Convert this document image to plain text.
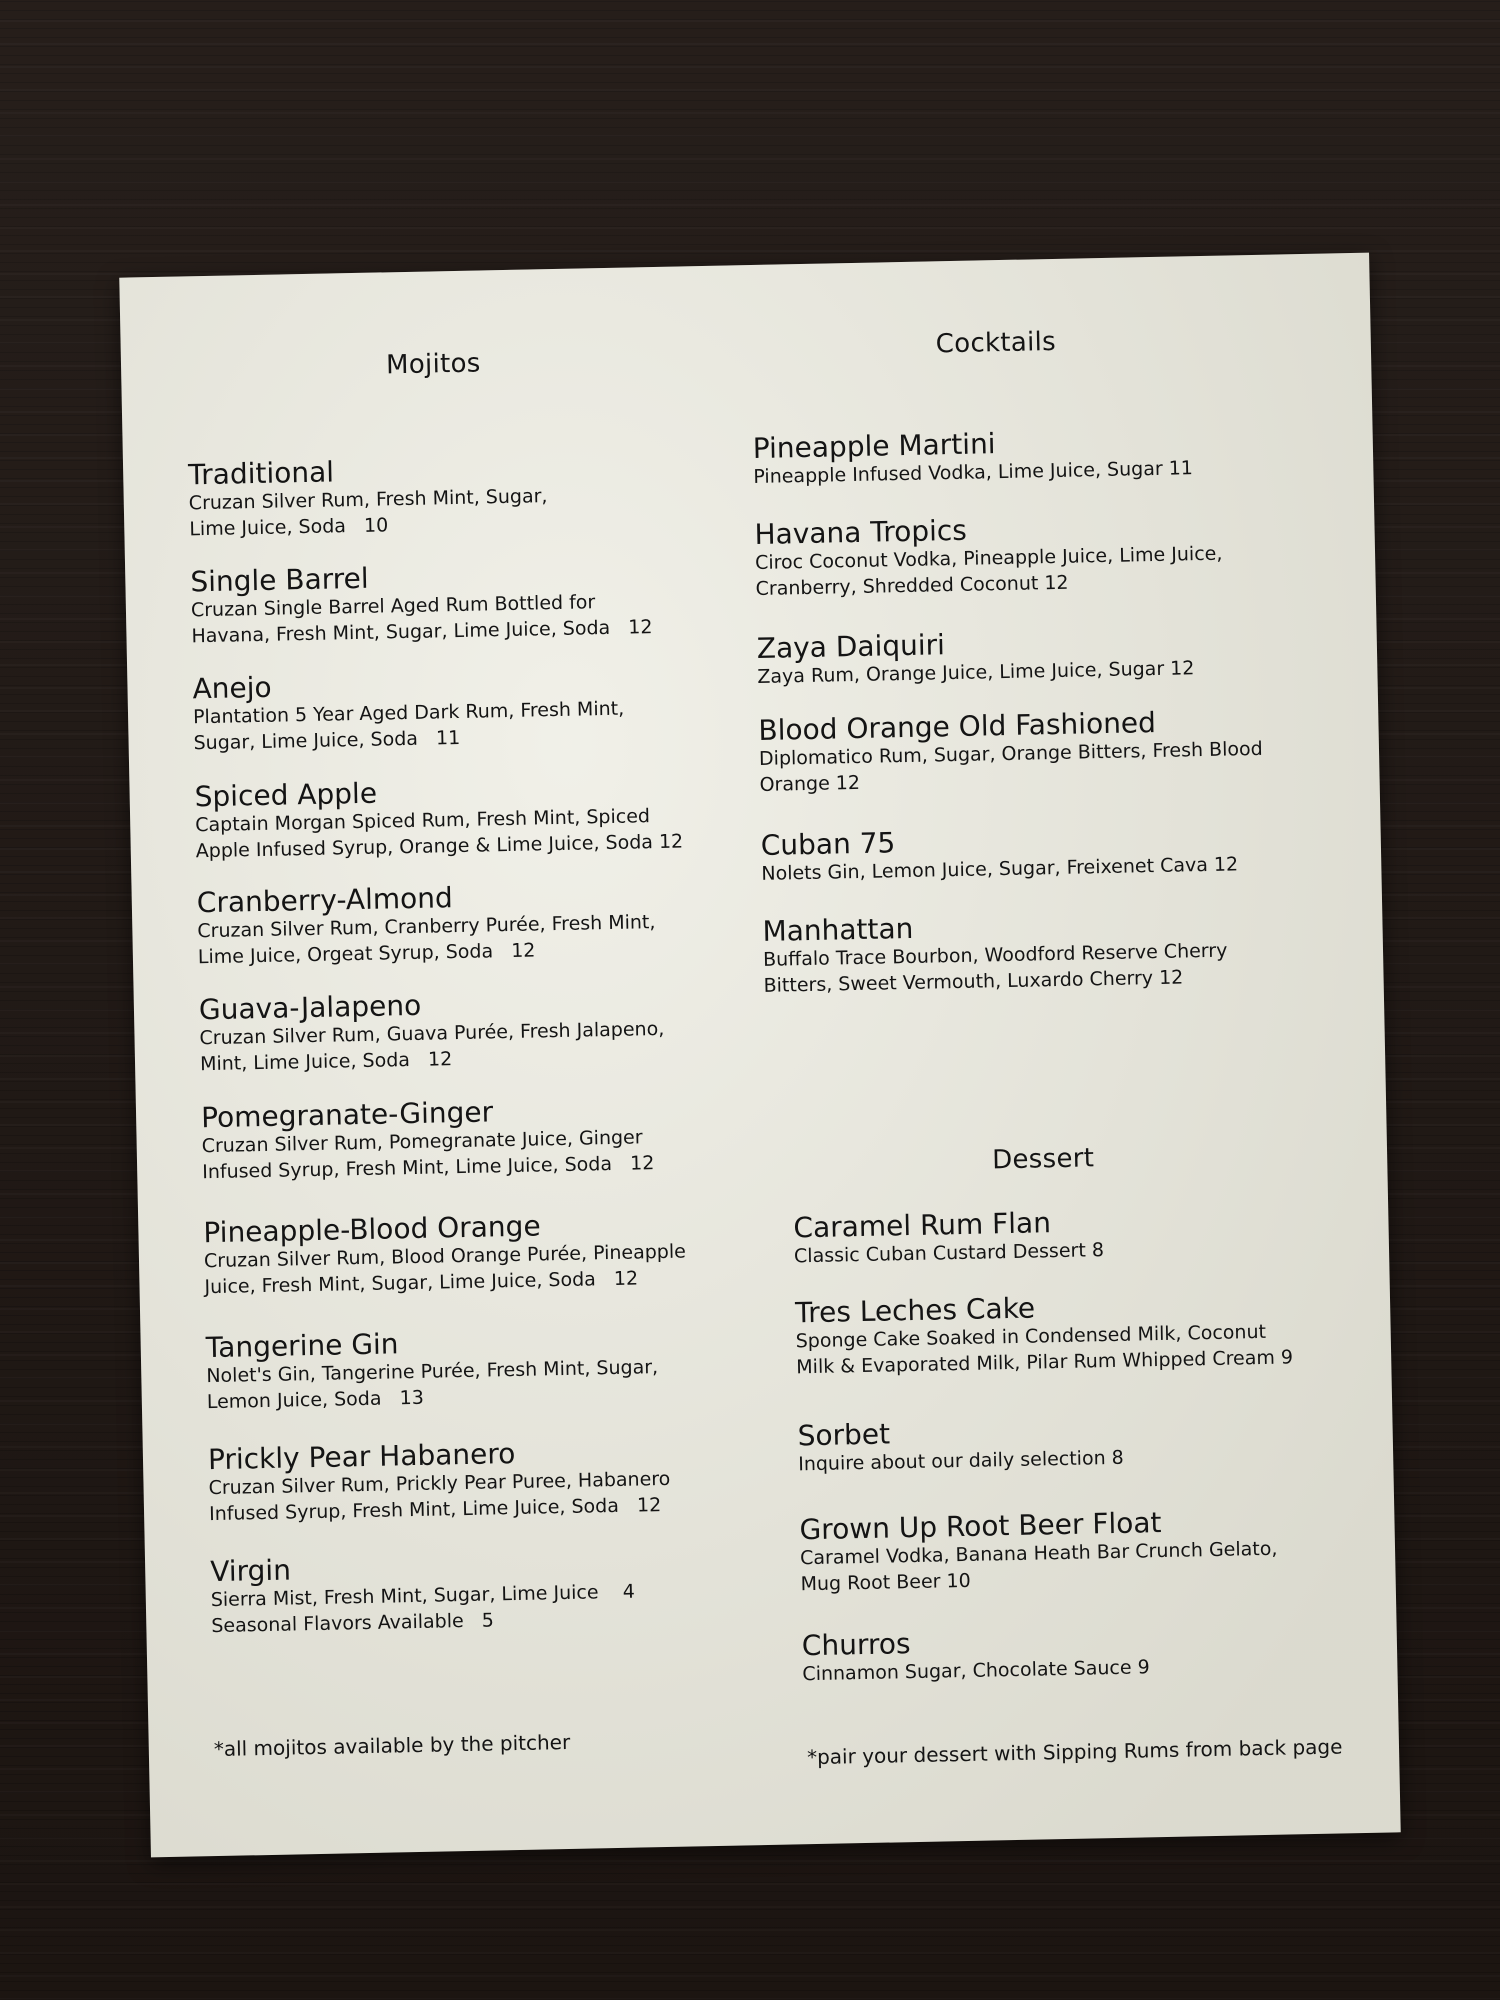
Mojitos
Traditional
Cruzan Silver Rum, Fresh Mint, Sugar,
Lime Juice, Soda   10
Single Barrel
Cruzan Single Barrel Aged Rum Bottled for
Havana, Fresh Mint, Sugar, Lime Juice, Soda   12
Anejo
Plantation 5 Year Aged Dark Rum, Fresh Mint,
Sugar, Lime Juice, Soda   11
Spiced Apple
Captain Morgan Spiced Rum, Fresh Mint, Spiced
Apple Infused Syrup, Orange & Lime Juice, Soda 12
Cranberry-Almond
Cruzan Silver Rum, Cranberry Purée, Fresh Mint,
Lime Juice, Orgeat Syrup, Soda   12
Guava-Jalapeno
Cruzan Silver Rum, Guava Purée, Fresh Jalapeno,
Mint, Lime Juice, Soda   12
Pomegranate-Ginger
Cruzan Silver Rum, Pomegranate Juice, Ginger
Infused Syrup, Fresh Mint, Lime Juice, Soda   12
Pineapple-Blood Orange
Cruzan Silver Rum, Blood Orange Purée, Pineapple
Juice, Fresh Mint, Sugar, Lime Juice, Soda   12
Tangerine Gin
Nolet's Gin, Tangerine Purée, Fresh Mint, Sugar,
Lemon Juice, Soda   13
Prickly Pear Habanero
Cruzan Silver Rum, Prickly Pear Puree, Habanero
Infused Syrup, Fresh Mint, Lime Juice, Soda   12
Virgin
Sierra Mist, Fresh Mint, Sugar, Lime Juice    4
Seasonal Flavors Available   5
*all mojitos available by the pitcher
Cocktails
Pineapple Martini
Pineapple Infused Vodka, Lime Juice, Sugar 11
Havana Tropics
Ciroc Coconut Vodka, Pineapple Juice, Lime Juice,
Cranberry, Shredded Coconut 12
Zaya Daiquiri
Zaya Rum, Orange Juice, Lime Juice, Sugar 12
Blood Orange Old Fashioned
Diplomatico Rum, Sugar, Orange Bitters, Fresh Blood
Orange 12
Cuban 75
Nolets Gin, Lemon Juice, Sugar, Freixenet Cava 12
Manhattan
Buffalo Trace Bourbon, Woodford Reserve Cherry
Bitters, Sweet Vermouth, Luxardo Cherry 12
Dessert
Caramel Rum Flan
Classic Cuban Custard Dessert 8
Tres Leches Cake
Sponge Cake Soaked in Condensed Milk, Coconut
Milk & Evaporated Milk, Pilar Rum Whipped Cream 9
Sorbet
Inquire about our daily selection 8
Grown Up Root Beer Float
Caramel Vodka, Banana Heath Bar Crunch Gelato,
Mug Root Beer 10
Churros
Cinnamon Sugar, Chocolate Sauce 9
*pair your dessert with Sipping Rums from back page
